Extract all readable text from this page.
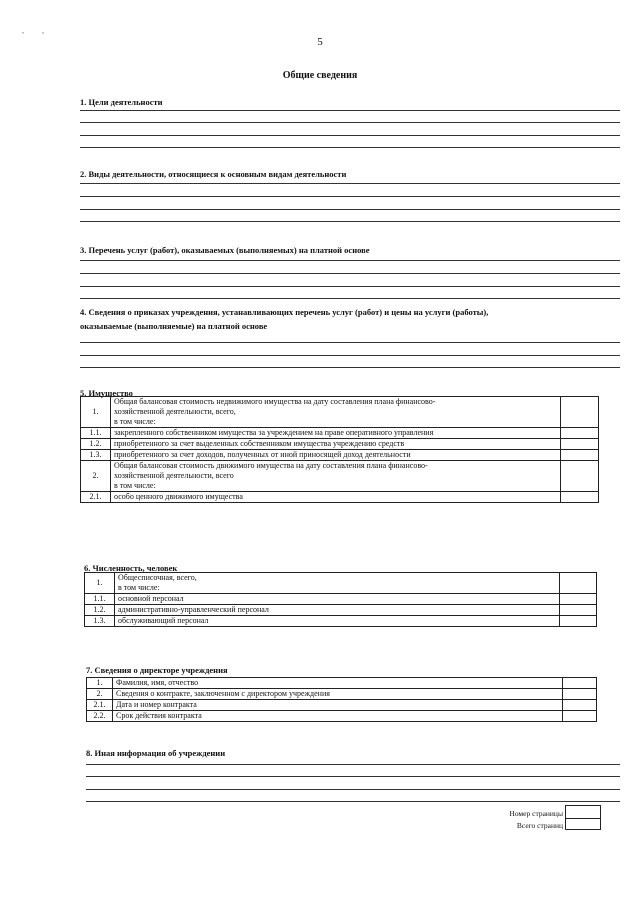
,         ,
5
Общие сведения
1. Цели деятельности
2. Виды деятельности, относящиеся к основным видам деятельности
3. Перечень услуг (работ), оказываемых (выполняемых) на платной основе
4. Сведения о приказах учреждения, устанавливающих перечень услуг (работ) и цены на услуги (работы),
оказываемые (выполняемые) на платной основе
5. Имущество
1.	Общая балансовая стоимость недвижимого имущества на дату составления плана финансово-
хозяйственной деятельности, всего,
в том числе:	

1.1.	закрепленного собственником имущества за учреждением на праве оперативного управления	

1.2.	приобретенного за счет выделенных собственником имущества учреждению средств	

1.3.	приобретенного за счет доходов, полученных от иной приносящей доход деятельности	

2.	Общая балансовая стоимость движимого имущества на дату составления плана финансово-
хозяйственной деятельности, всего
в том числе:	

2.1.	особо ценного движимого имущества	

6. Численность, человек
1.	Общесписочная, всего,
в том числе:	

1.1.	основной персонал	

1.2.	административно-управленческий персонал	

1.3.	обслуживающий персонал	

7. Сведения о директоре учреждения
1.	Фамилия, имя, отчество	

2.	Сведения о контракте, заключенном с директором учреждения	

2.1.	Дата и номер контракта	

2.2.	Срок действия контракта	

8. Иная информация об учреждении
Номер страницы
Всего страниц
